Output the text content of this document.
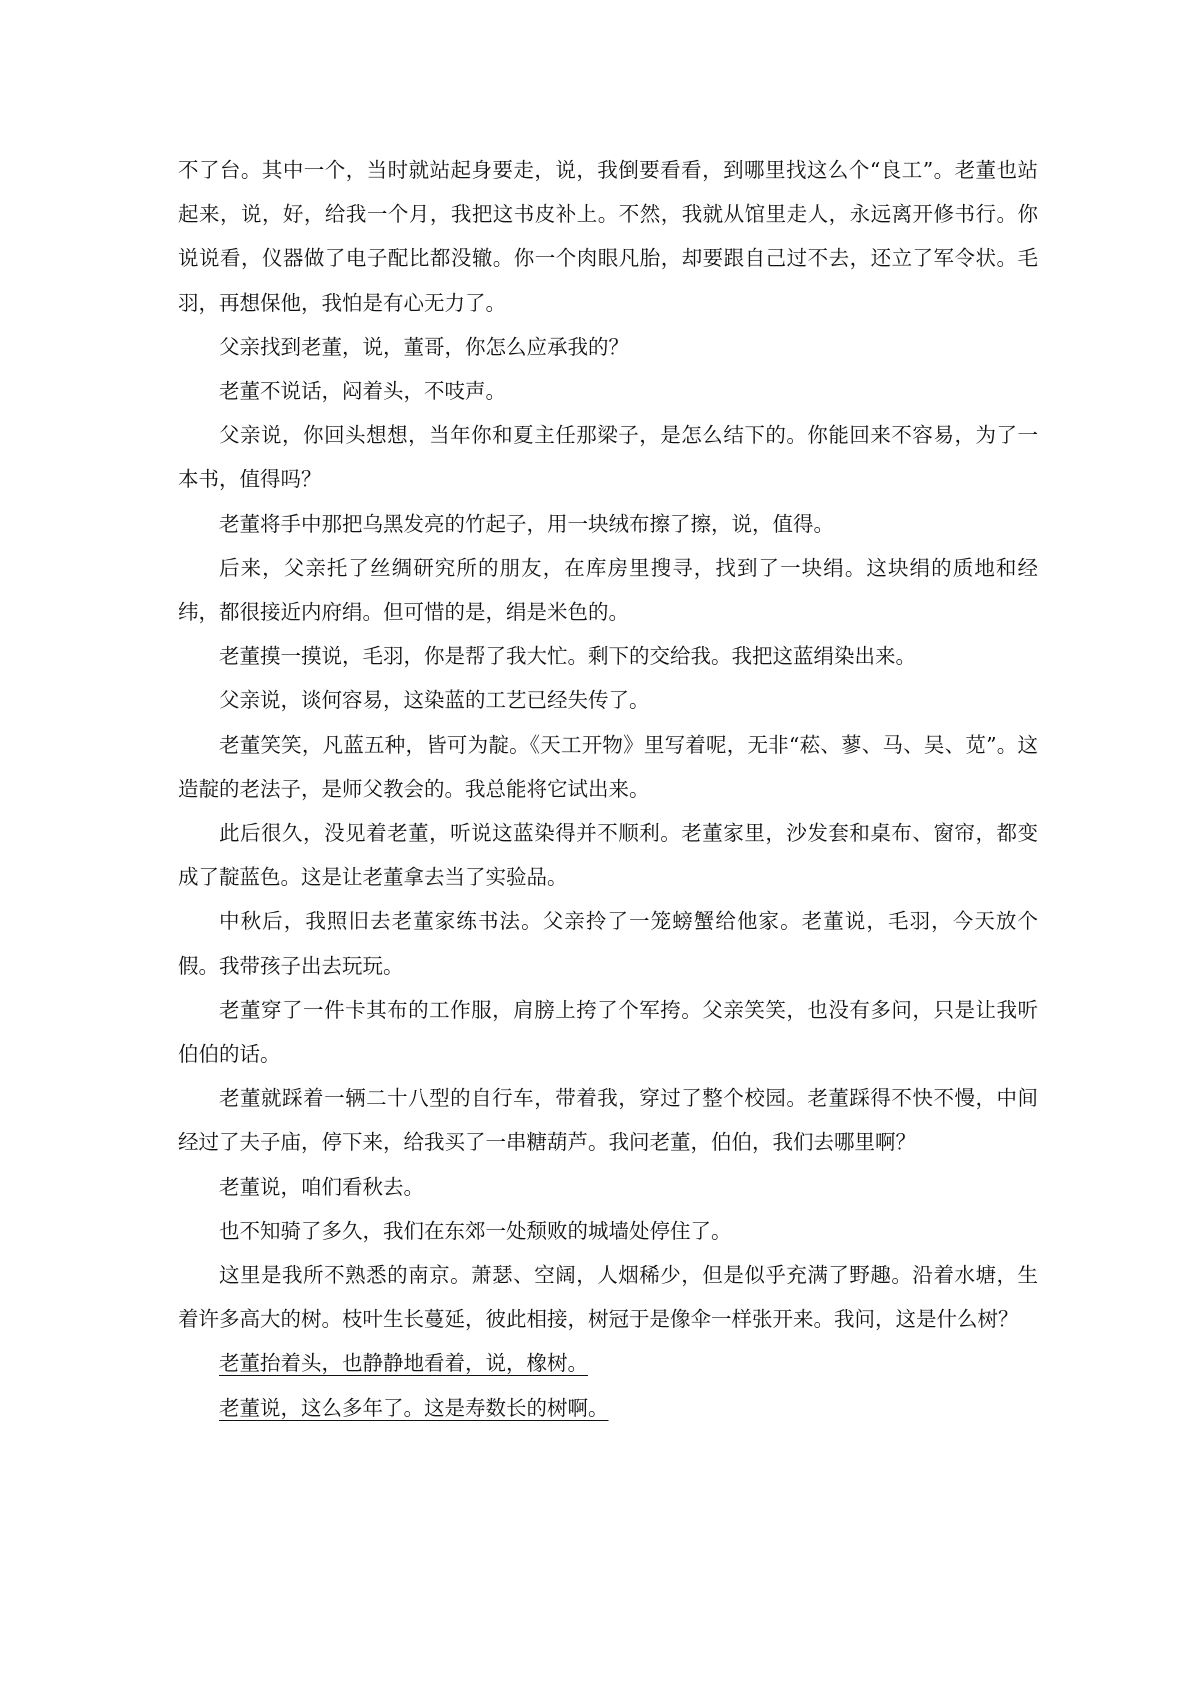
不了台。其中一个，当时就站起身要走，说，我倒要看看，到哪里找这么个“良工”。老董也站起来，说，好，给我一个月，我把这书皮补上。不然，我就从馆里走人，永远离开修书行。你说说看，仪器做了电子配比都没辙。你一个肉眼凡胎，却要跟自己过不去，还立了军令状。毛羽，再想保他，我怕是有心无力了。

父亲找到老董，说，董哥，你怎么应承我的？

老董不说话，闷着头，不吱声。

父亲说，你回头想想，当年你和夏主任那梁子，是怎么结下的。你能回来不容易，为了一本书，值得吗？

老董将手中那把乌黑发亮的竹起子，用一块绒布擦了擦，说，值得。

后来，父亲托了丝绸研究所的朋友，在库房里搜寻，找到了一块绢。这块绢的质地和经纬，都很接近内府绢。但可惜的是，绢是米色的。

老董摸一摸说，毛羽，你是帮了我大忙。剩下的交给我。我把这蓝绢染出来。

父亲说，谈何容易，这染蓝的工艺已经失传了。

老董笑笑，凡蓝五种，皆可为靛。《天工开物》里写着呢，无非“菘、蓼、马、吴、苋”。这造靛的老法子，是师父教会的。我总能将它试出来。

此后很久，没见着老董，听说这蓝染得并不顺利。老董家里，沙发套和桌布、窗帘，都变成了靛蓝色。这是让老董拿去当了实验品。

中秋后，我照旧去老董家练书法。父亲拎了一笼螃蟹给他家。老董说，毛羽，今天放个假。我带孩子出去玩玩。

老董穿了一件卡其布的工作服，肩膀上挎了个军挎。父亲笑笑，也没有多问，只是让我听伯伯的话。

老董就踩着一辆二十八型的自行车，带着我，穿过了整个校园。老董踩得不快不慢，中间经过了夫子庙，停下来，给我买了一串糖葫芦。我问老董，伯伯，我们去哪里啊？

老董说，咱们看秋去。

也不知骑了多久，我们在东郊一处颓败的城墙处停住了。

这里是我所不熟悉的南京。萧瑟、空阔，人烟稀少，但是似乎充满了野趣。沿着水塘，生着许多高大的树。枝叶生长蔓延，彼此相接，树冠于是像伞一样张开来。我问，这是什么树？

老董抬着头，也静静地看着，说，橡树。

老董说，这么多年了。这是寿数长的树啊。
